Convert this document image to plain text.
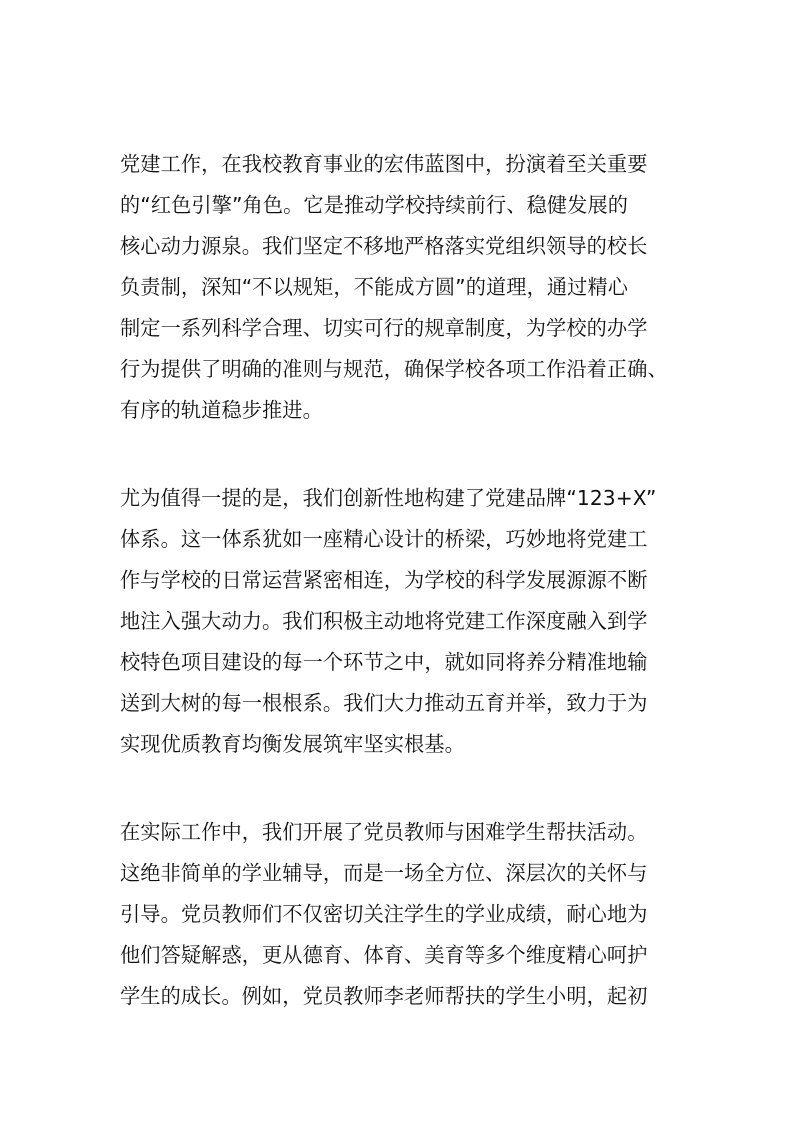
党建工作，在我校教育事业的宏伟蓝图中，扮演着至关重要
的“红色引擎”角色。它是推动学校持续前行、稳健发展的
核心动力源泉。我们坚定不移地严格落实党组织领导的校长
负责制，深知“不以规矩，不能成方圆”的道理，通过精心
制定一系列科学合理、切实可行的规章制度，为学校的办学
行为提供了明确的准则与规范，确保学校各项工作沿着正确、
有序的轨道稳步推进。
尤为值得一提的是，我们创新性地构建了党建品牌“123+X”
体系。这一体系犹如一座精心设计的桥梁，巧妙地将党建工
作与学校的日常运营紧密相连，为学校的科学发展源源不断
地注入强大动力。我们积极主动地将党建工作深度融入到学
校特色项目建设的每一个环节之中，就如同将养分精准地输
送到大树的每一根根系。我们大力推动五育并举，致力于为
实现优质教育均衡发展筑牢坚实根基。
在实际工作中，我们开展了党员教师与困难学生帮扶活动。
这绝非简单的学业辅导，而是一场全方位、深层次的关怀与
引导。党员教师们不仅密切关注学生的学业成绩，耐心地为
他们答疑解惑，更从德育、体育、美育等多个维度精心呵护
学生的成长。例如，党员教师李老师帮扶的学生小明，起初
